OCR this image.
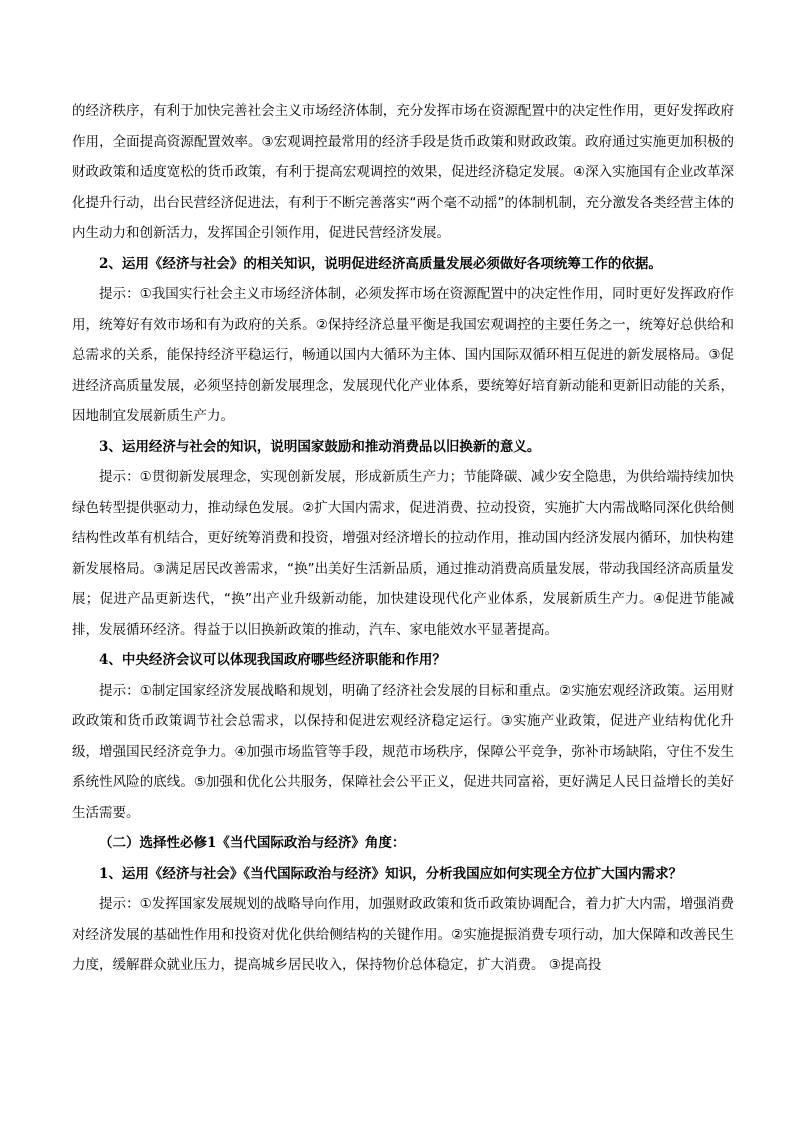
的经济秩序，有利于加快完善社会主义市场经济体制，充分发挥市场在资源配置中的决定性作用，更好发挥政府作用，全面提高资源配置效率。③宏观调控最常用的经济手段是货币政策和财政政策。政府通过实施更加积极的财政政策和适度宽松的货币政策，有利于提高宏观调控的效果，促进经济稳定发展。④深入实施国有企业改革深化提升行动，出台民营经济促进法，有利于不断完善落实“两个毫不动摇”的体制机制，充分激发各类经营主体的内生动力和创新活力，发挥国企引领作用，促进民营经济发展。

2、运用《经济与社会》的相关知识，说明促进经济高质量发展必须做好各项统筹工作的依据。

提示：①我国实行社会主义市场经济体制，必须发挥市场在资源配置中的决定性作用，同时更好发挥政府作用，统筹好有效市场和有为政府的关系。②保持经济总量平衡是我国宏观调控的主要任务之一，统筹好总供给和总需求的关系，能保持经济平稳运行，畅通以国内大循环为主体、国内国际双循环相互促进的新发展格局。③促进经济高质量发展，必须坚持创新发展理念，发展现代化产业体系，要统筹好培育新动能和更新旧动能的关系，因地制宜发展新质生产力。

3、运用经济与社会的知识，说明国家鼓励和推动消费品以旧换新的意义。

提示：①贯彻新发展理念，实现创新发展，形成新质生产力；节能降碳、减少安全隐患，为供给端持续加快绿色转型提供驱动力，推动绿色发展。②扩大国内需求，促进消费、拉动投资，实施扩大内需战略同深化供给侧结构性改革有机结合，更好统筹消费和投资，增强对经济增长的拉动作用，推动国内经济发展内循环，加快构建新发展格局。③满足居民改善需求，“换”出美好生活新品质，通过推动消费高质量发展，带动我国经济高质量发展；促进产品更新迭代，“换”出产业升级新动能，加快建设现代化产业体系，发展新质生产力。④促进节能减排，发展循环经济。得益于以旧换新政策的推动，汽车、家电能效水平显著提高。

4、中央经济会议可以体现我国政府哪些经济职能和作用？

提示：①制定国家经济发展战略和规划，明确了经济社会发展的目标和重点。②实施宏观经济政策。运用财政政策和货币政策调节社会总需求，以保持和促进宏观经济稳定运行。③实施产业政策，促进产业结构优化升级，增强国民经济竞争力。④加强市场监管等手段，规范市场秩序，保障公平竞争，弥补市场缺陷，守住不发生系统性风险的底线。⑤加强和优化公共服务，保障社会公平正义，促进共同富裕，更好满足人民日益增长的美好生活需要。

（二）选择性必修1《当代国际政治与经济》角度：

1、运用《经济与社会》《当代国际政治与经济》知识，分析我国应如何实现全方位扩大国内需求？

提示：①发挥国家发展规划的战略导向作用，加强财政政策和货币政策协调配合，着力扩大内需，增强消费对经济发展的基础性作用和投资对优化供给侧结构的关键作用。②实施提振消费专项行动，加大保障和改善民生力度，缓解群众就业压力，提高城乡居民收入，保持物价总体稳定，扩大消费。 ③提高投
